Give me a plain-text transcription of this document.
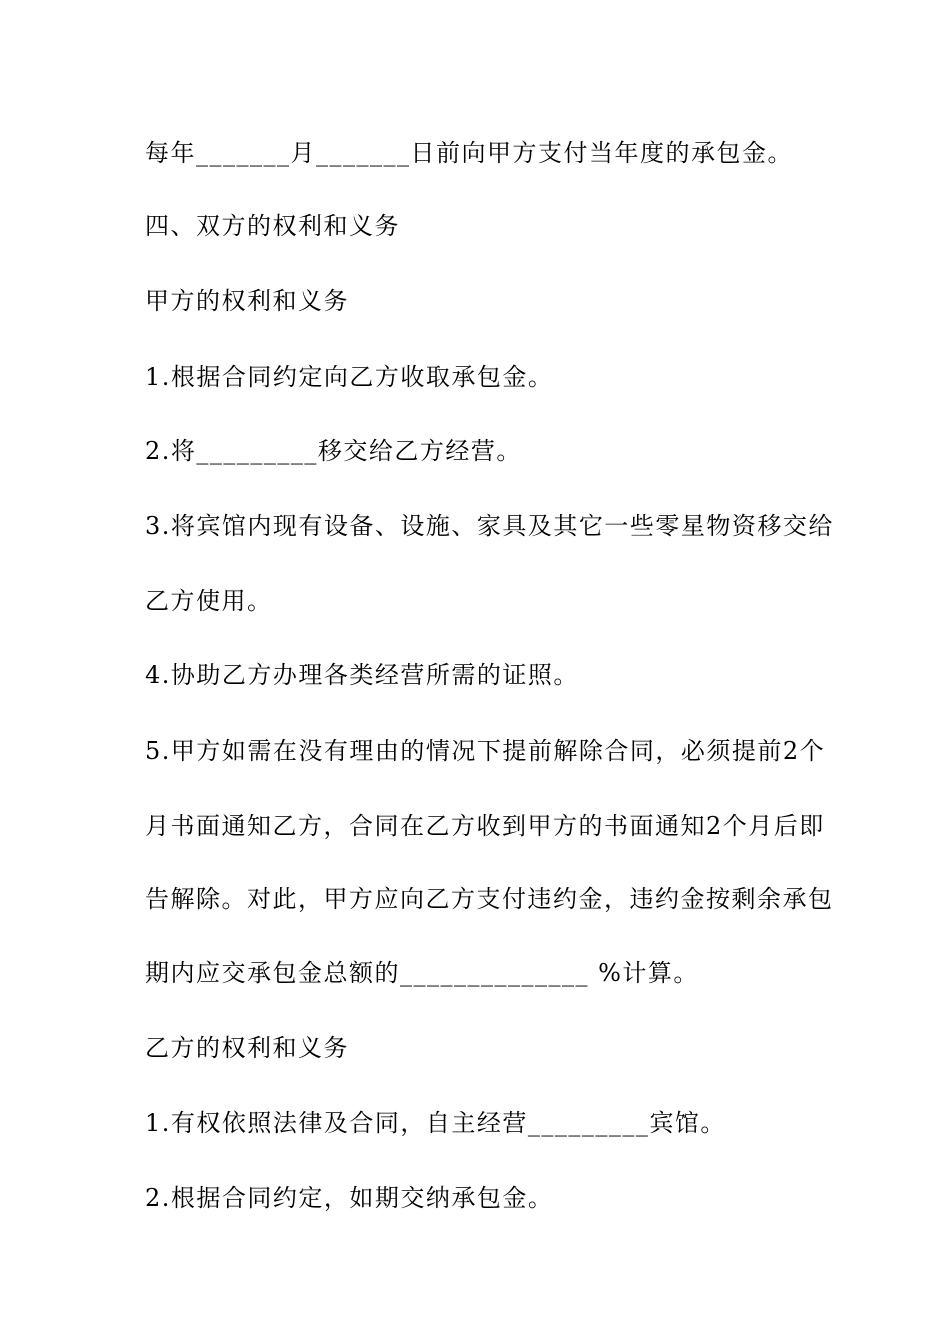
每年_______月_______日前向甲方支付当年度的承包金。
四、双方的权利和义务
甲方的权利和义务
1.根据合同约定向乙方收取承包金。
2.将_________移交给乙方经营。
3.将宾馆内现有设备、设施、家具及其它一些零星物资移交给
乙方使用。
4.协助乙方办理各类经营所需的证照。
5.甲方如需在没有理由的情况下提前解除合同，必须提前2个
月书面通知乙方，合同在乙方收到甲方的书面通知2个月后即
告解除。对此，甲方应向乙方支付违约金，违约金按剩余承包
期内应交承包金总额的______________ %计算。
乙方的权利和义务
1.有权依照法律及合同，自主经营_________宾馆。
2.根据合同约定，如期交纳承包金。
